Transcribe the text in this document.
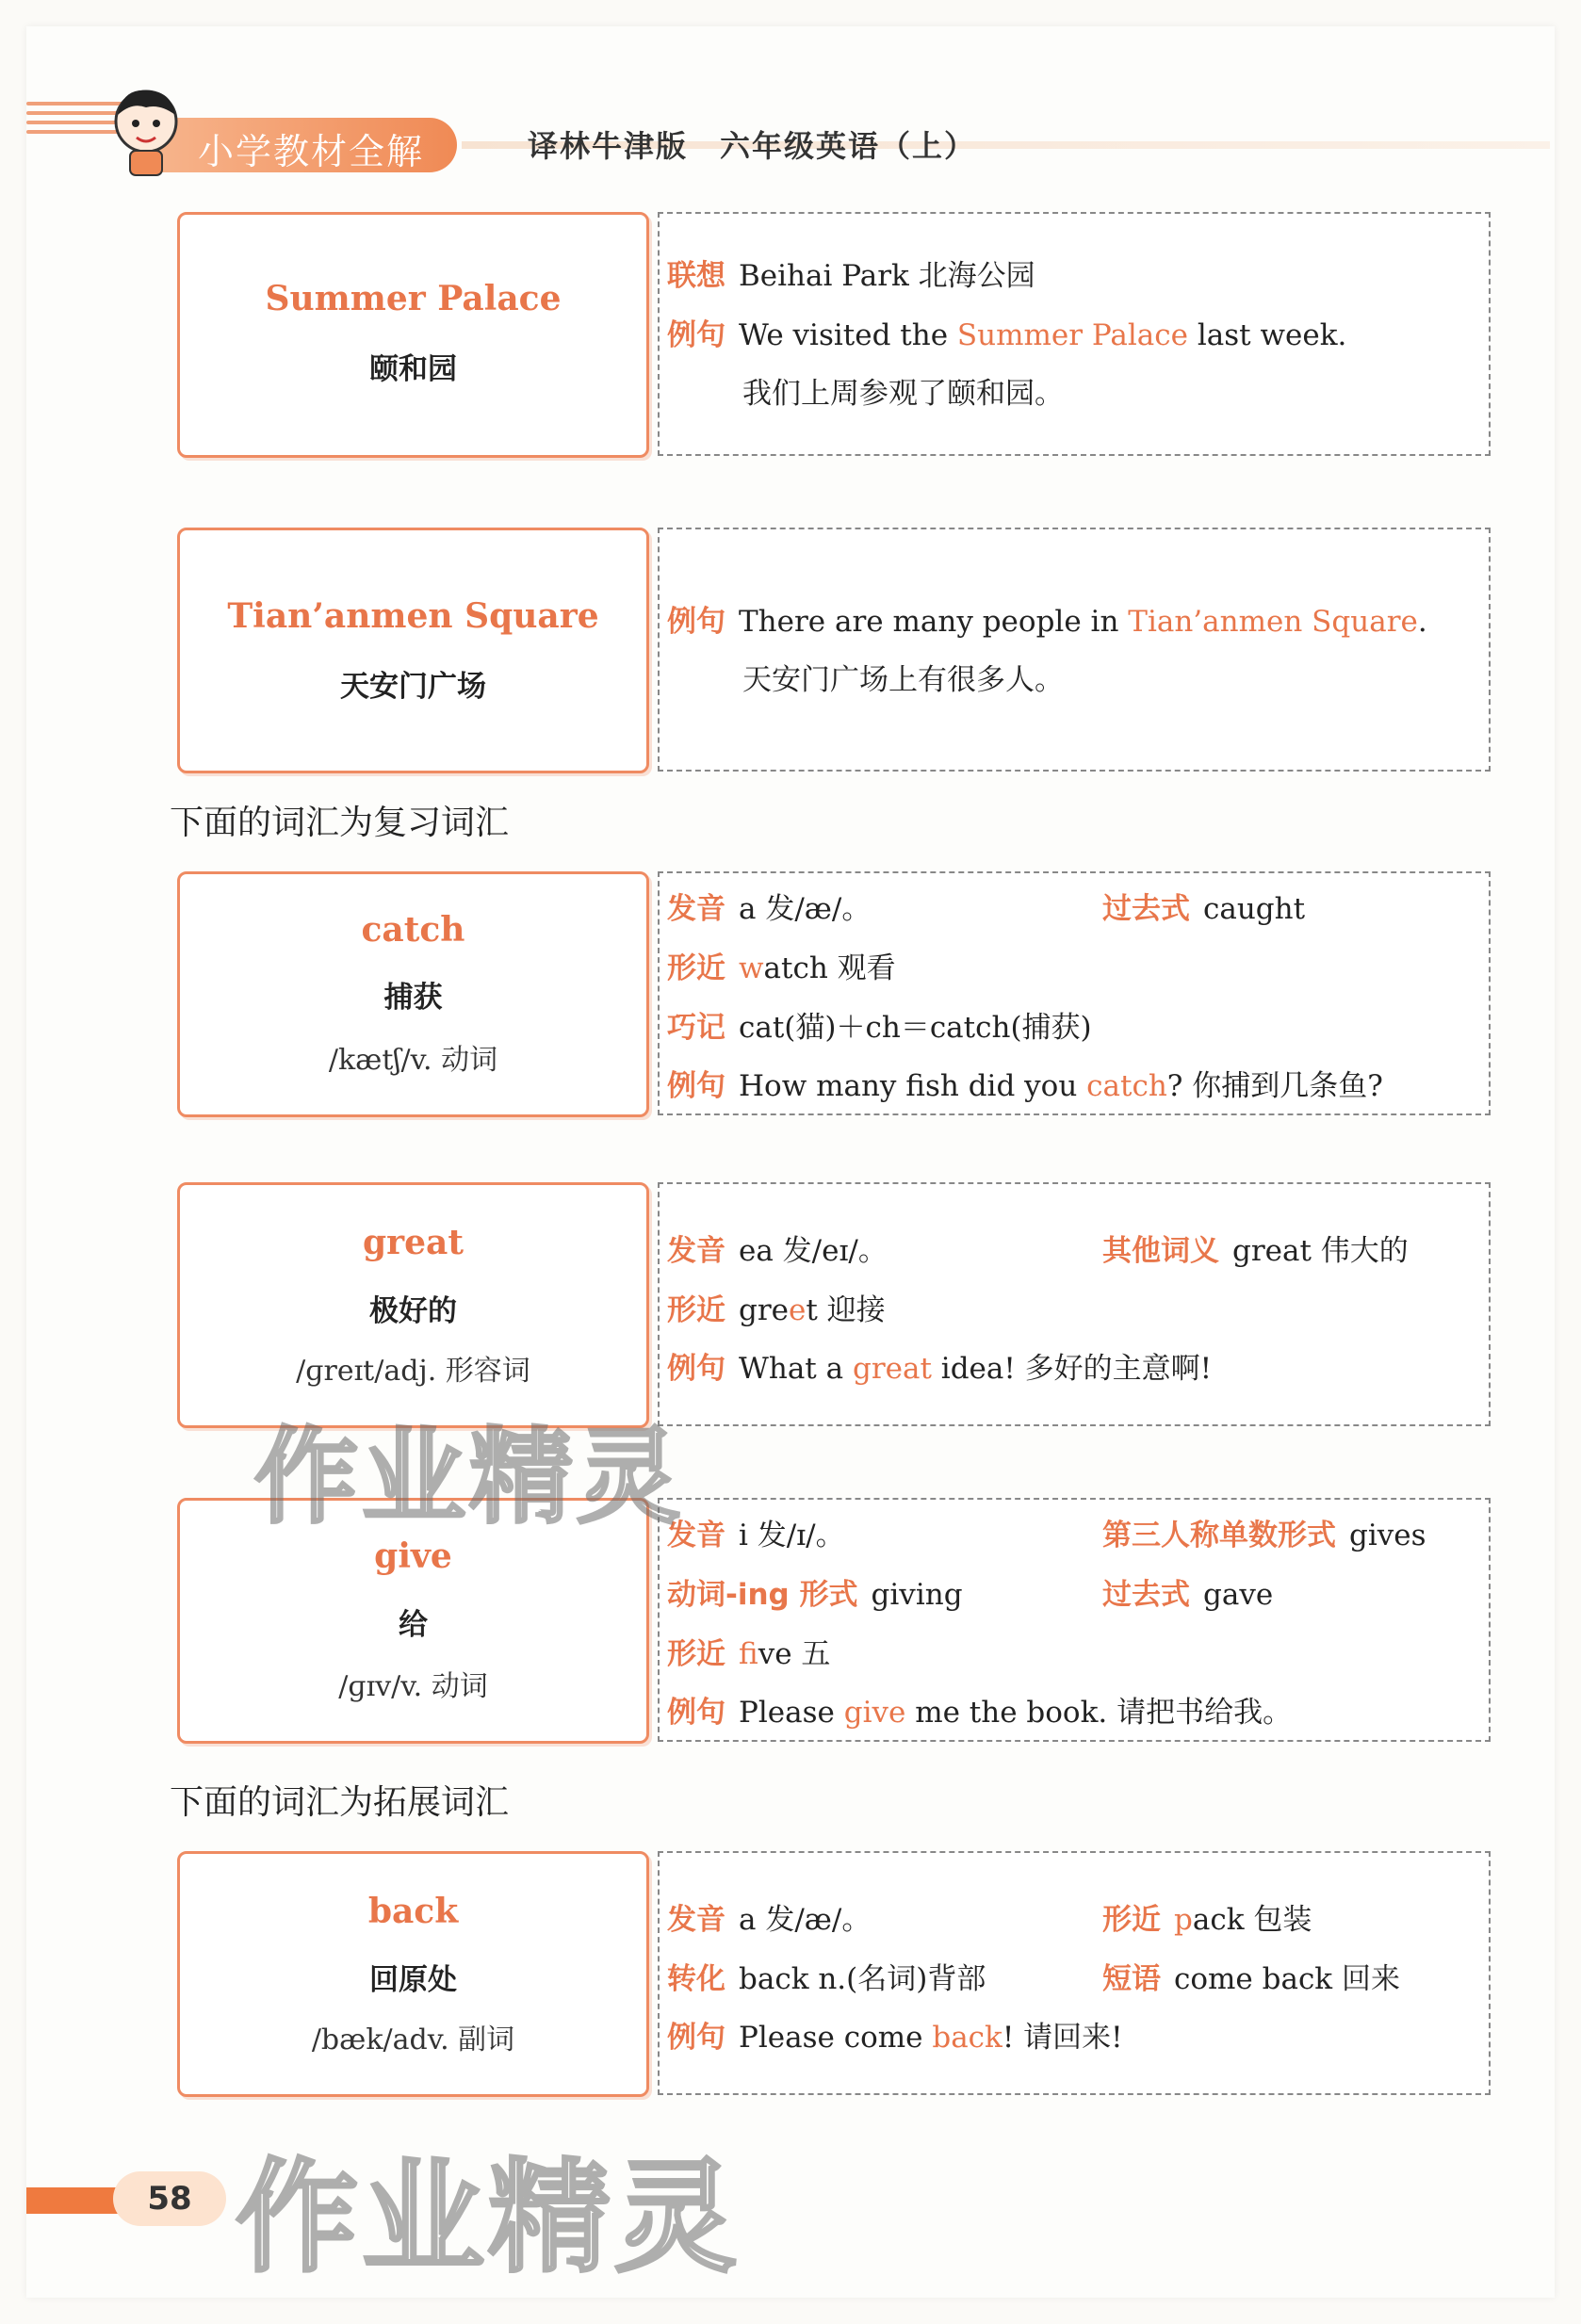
小学教材全解	译林牛津版　六年级英语（上）
Summer Palace
颐和园
联想 Beihai Park 北海公园
例句 We visited the Summer Palace last week.
我们上周参观了颐和园。
Tian’anmen Square
天安门广场
例句 There are many people in Tian’anmen Square.
天安门广场上有很多人。
下面的词汇为复习词汇
catch
捕获
/kætʃ/v. 动词
发音 a 发/æ/。	过去式 caught
形近 watch 观看
巧记 cat(猫)＋ch＝catch(捕获)
例句 How many fish did you catch? 你捕到几条鱼?
great
极好的
/ɡreɪt/adj. 形容词
发音 ea 发/eɪ/。	其他词义 great 伟大的
形近 greet 迎接
例句 What a great idea! 多好的主意啊!
give
给
/ɡɪv/v. 动词
发音 i 发/ɪ/。	第三人称单数形式 gives
动词-ing 形式 giving	过去式 gave
形近 five 五
例句 Please give me the book. 请把书给我。
下面的词汇为拓展词汇
back
回原处
/bæk/adv. 副词
发音 a 发/æ/。	形近 pack 包装
转化 back n.(名词)背部	短语 come back 回来
例句 Please come back! 请回来!
作业精灵
作业精灵
58
